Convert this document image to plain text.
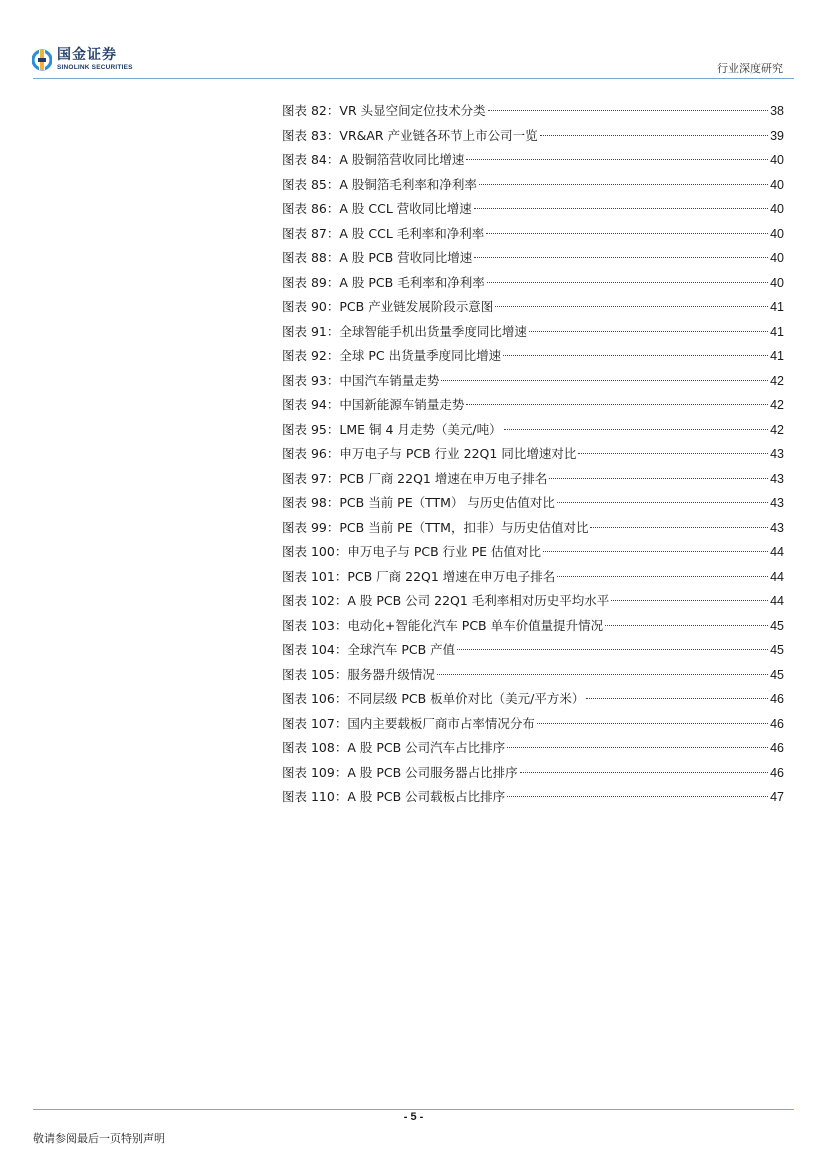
国金证券
SINOLINK SECURITIES	行业深度研究
图表 82： VR 头显空间定位技术分类	38
图表 83： VR&AR 产业链各环节上市公司一览	39
图表 84： A 股铜箔营收同比增速	40
图表 85： A 股铜箔毛利率和净利率	40
图表 86： A 股 CCL 营收同比增速	40
图表 87： A 股 CCL 毛利率和净利率	40
图表 88： A 股 PCB 营收同比增速	40
图表 89： A 股 PCB 毛利率和净利率	40
图表 90： PCB 产业链发展阶段示意图	41
图表 91： 全球智能手机出货量季度同比增速	41
图表 92： 全球 PC 出货量季度同比增速	41
图表 93： 中国汽车销量走势	42
图表 94： 中国新能源车销量走势	42
图表 95： LME 铜 4 月走势（美元/吨）	42
图表 96： 申万电子与 PCB 行业 22Q1 同比增速对比	43
图表 97： PCB 厂商 22Q1 增速在申万电子排名	43
图表 98： PCB 当前 PE（TTM） 与历史估值对比	43
图表 99： PCB 当前 PE（TTM，扣非）与历史估值对比	43
图表 100： 申万电子与 PCB 行业 PE 估值对比	44
图表 101： PCB 厂商 22Q1 增速在申万电子排名	44
图表 102： A 股 PCB 公司 22Q1 毛利率相对历史平均水平	44
图表 103： 电动化+智能化汽车 PCB 单车价值量提升情况	45
图表 104： 全球汽车 PCB 产值	45
图表 105： 服务器升级情况	45
图表 106： 不同层级 PCB 板单价对比（美元/平方米）	46
图表 107： 国内主要载板厂商市占率情况分布	46
图表 108： A 股 PCB 公司汽车占比排序	46
图表 109： A 股 PCB 公司服务器占比排序	46
图表 110： A 股 PCB 公司载板占比排序	47
- 5 -
敬请参阅最后一页特别声明
